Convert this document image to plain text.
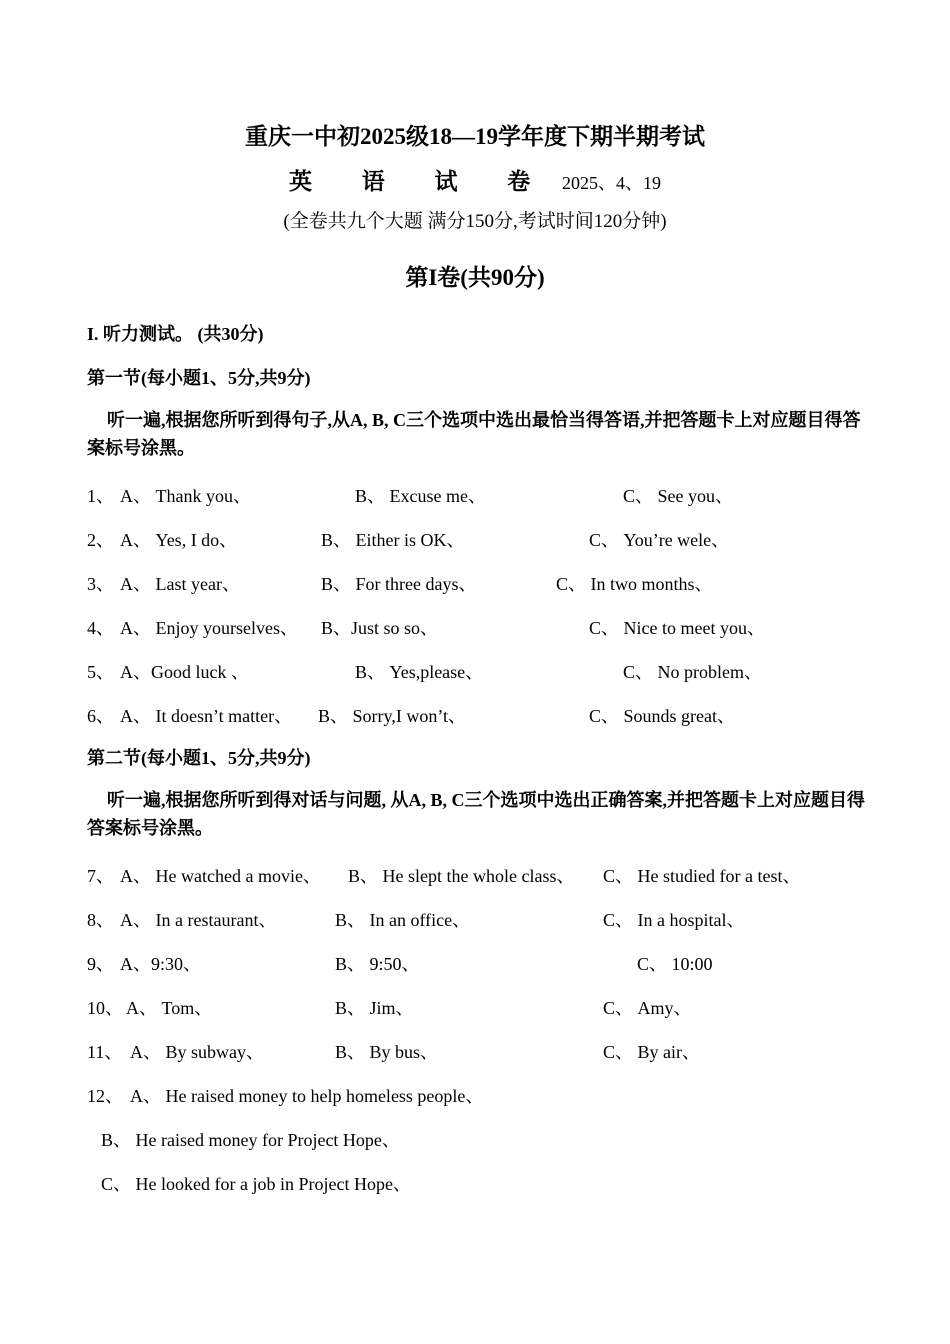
重庆一中初2025级18—19学年度下期半期考试
英 语 试 卷 2025、4、19
(全卷共九个大题 满分150分,考试时间120分钟)
第I卷(共90分)
I. 听力测试。 (共30分)
第一节(每小题1、5分,共9分)
听一遍,根据您所听到得句子,从A, B, C三个选项中选出最恰当得答语,并把答题卡上对应题目得答案标号涂黑。
1、 A、 Thank you、	B、 Excuse me、	C、 See you、
2、 A、 Yes, I do、	B、 Either is OK、	C、 You’re wele、
3、 A、 Last year、	B、 For three days、	C、 In two months、
4、 A、 Enjoy yourselves、 B、Just so so、	C、 Nice to meet you、
5、 A、Good luck 、	B、 Yes,please、	C、 No problem、
6、 A、 It doesn’t matter、 B、 Sorry,I won’t、	C、 Sounds great、
第二节(每小题1、5分,共9分)
听一遍,根据您所听到得对话与问题, 从A, B, C三个选项中选出正确答案,并把答题卡上对应题目得答案标号涂黑。
7、 A、 He watched a movie、 B、 He slept the whole class、 C、 He studied for a test、
8、 A、 In a restaurant、	B、 In an office、	C、 In a hospital、
9、 A、9:30、	B、 9:50、	C、 10:00
10、 A、 Tom、	B、 Jim、	C、 Amy、
11、 A、 By subway、	B、 By bus、	C、 By air、
12、 A、 He raised money to help homeless people、
B、 He raised money for Project Hope、
C、 He looked for a job in Project Hope、
